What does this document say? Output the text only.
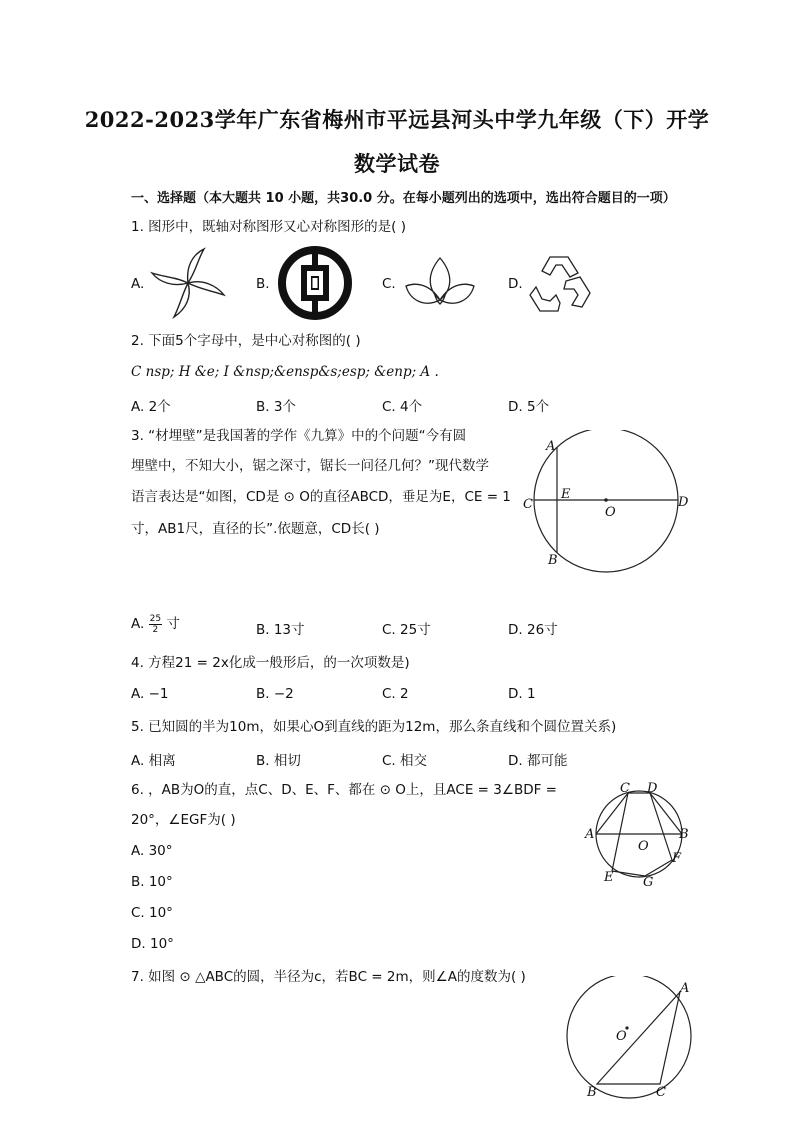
2022-2023学年广东省梅州市平远县河头中学九年级（下）开学
数学试卷
一、选择题（本大题共 10 小题，共30.0 分。在每小题列出的选项中，选出符合题目的一项）
1. 图形中，既轴对称图形又心对称图形的是( )
A.	B.	C.	D.
2. 下面5个字母中，是中心对称图的( )
C nsp; H &e; I &nsp;&ensp&s;esp; &enp; A .
A. 2个	B. 3个	C. 4个	D. 5个
3. “材埋壁”是我国著的学作《九算》中的个问题“今有圆
埋壁中，不知大小，锯之深寸，锯长一问径几何？”现代数学
语言表达是“如图，CD是 ⊙ O的直径ABCD，垂足为E，CE = 1
寸，AB1尺，直径的长”.依题意，CD长( )
A
B
C	D
E
O
A. $\frac{25}{2}$ 寸	B. 13寸	C. 25寸	D. 26寸
4. 方程21 = 2x化成一般形后，的一次项数是)
A. −1	B. −2	C. 2	D. 1
5. 已知圆的半为10m，如果心O到直线的距为12m，那么条直线和个圆位置关系)
A. 相离	B. 相切	C. 相交	D. 都可能
6. ，AB为O的直，点C、D、E、F、都在 ⊙ O上，且ACE = 3∠BDF =
20°，∠EGF为( )
A. 30°
B. 10°
C. 10°
D. 10°
C D
A	B
O
F
E G
7. 如图 ⊙ △ABC的圆，半径为c，若BC = 2m，则∠A的度数为( )
A
B	C
O
